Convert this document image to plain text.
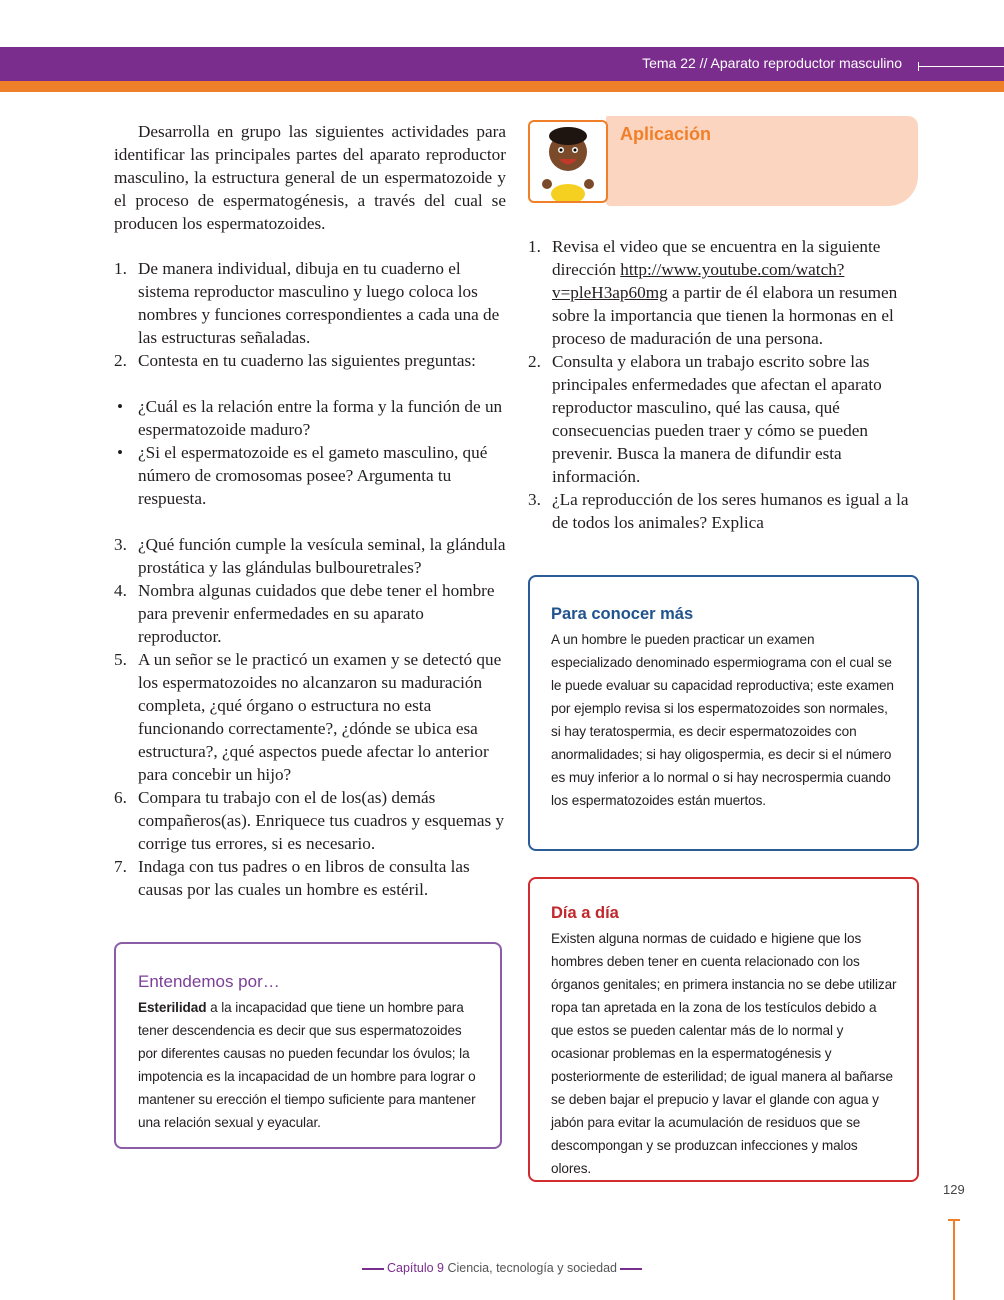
Tema 22 // Aparato reproductor masculino

Desarrolla en grupo las siguientes actividades para identificar las principales partes del aparato reproductor masculino, la estructura general de un espermatozoide y el proceso de espermatogénesis, a través del cual se producen los espermatozoides.

1. De manera individual, dibuja en tu cuaderno el sistema reproductor masculino y luego coloca los nombres y funciones correspondientes a cada una de las estructuras señaladas.
2. Contesta en tu cuaderno las siguientes preguntas:
• ¿Cuál es la relación entre la forma y la función de un espermatozoide maduro?
• ¿Si el espermatozoide es el gameto masculino, qué número de cromosomas posee? Argumenta tu respuesta.
3. ¿Qué función cumple la vesícula seminal, la glándula prostática y las glándulas bulbouretrales?
4. Nombra algunas cuidados que debe tener el hombre para prevenir enfermedades en su aparato reproductor.
5. A un señor se le practicó un examen y se detectó que los espermatozoides no alcanzaron su maduración completa, ¿qué órgano o estructura no esta funcionando correctamente?, ¿dónde se ubica esa estructura?, ¿qué aspectos puede afectar lo anterior para concebir un hijo?
6. Compara tu trabajo con el de los(as) demás compañeros(as). Enriquece tus cuadros y esquemas y corrige tus errores, si es necesario.
7. Indaga con tus padres o en libros de consulta las causas por las cuales un hombre es estéril.
Entendemos por…

Esterilidad a la incapacidad que tiene un hombre para tener descendencia es decir que sus espermatozoides por diferentes causas no pueden fecundar los óvulos; la impotencia es la incapacidad de un hombre para lograr o mantener su erección el tiempo suficiente para mantener una relación sexual y eyacular.

Aplicación
1. Revisa el video que se encuentra en la siguiente dirección http://www.youtube.com/watch?v=pleH3ap60mg a partir de él elabora un resumen sobre la importancia que tienen la hormonas en el proceso de maduración de una persona.
2. Consulta y elabora un trabajo escrito sobre las principales enfermedades que afectan el aparato reproductor masculino, qué las causa, qué consecuencias pueden traer y cómo se pueden prevenir. Busca la manera de difundir esta información.
3. ¿La reproducción de los seres humanos es igual a la de todos los animales? Explica
Para conocer más

A un hombre le pueden practicar un examen especializado denominado espermiograma con el cual se le puede evaluar su capacidad reproductiva; este examen por ejemplo revisa si los espermatozoides son normales, si hay teratospermia, es decir espermatozoides con anormalidades; si hay oligospermia, es decir si el número es muy inferior a lo normal o si hay necrospermia cuando los espermatozoides están muertos.

Día a día

Existen alguna normas de cuidado e higiene que los hombres deben tener en cuenta relacionado con los órganos genitales; en primera instancia no se debe utilizar ropa tan apretada en la zona de los testículos debido a que estos se pueden calentar más de lo normal y ocasionar problemas en la espermatogénesis y posteriormente de esterilidad; de igual manera al bañarse se deben bajar el prepucio y lavar el glande con agua y jabón para evitar la acumulación de residuos que se descompongan y se produzcan infecciones y malos olores.

129
Capítulo 9 Ciencia, tecnología y sociedad
